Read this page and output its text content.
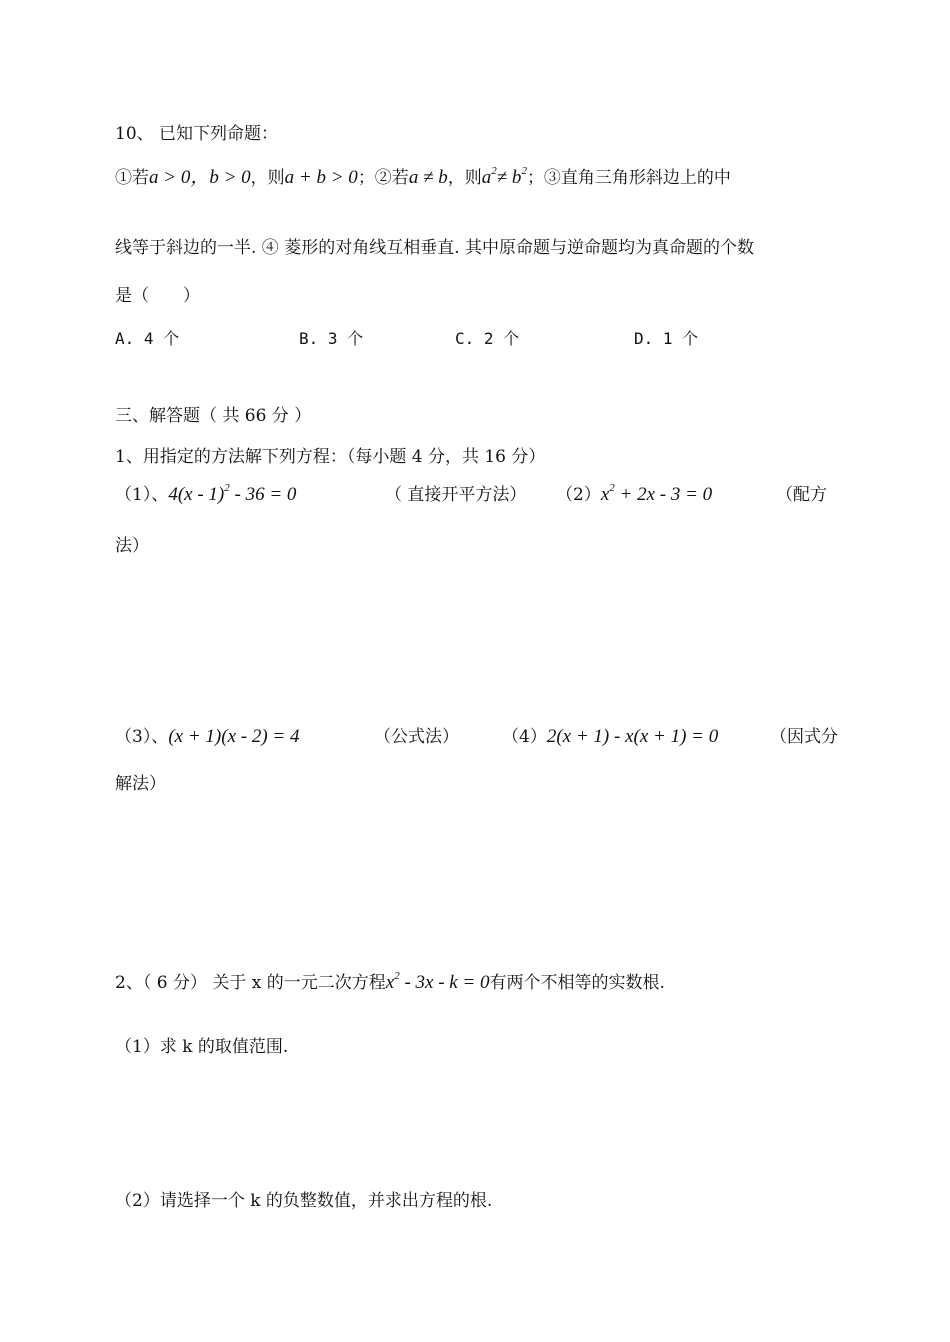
10、 已知下列命题：
①若a > 0，b > 0，则a + b > 0；②若a ≠ b，则$a^2\ne b^2$；③直角三角形斜边上的中
线等于斜边的一半. ④ 菱形的对角线互相垂直. 其中原命题与逆命题均为真命题的个数
是（　　）
A. 4 个	B. 3 个	C. 2 个	D. 1 个
三、解答题（ 共 66 分 ）
1、用指定的方法解下列方程：（每小题 4 分，共 16 分）
（1）、4(x - 1)$^2$ - 36 = 0	（ 直接开平方法） $(2)x^2 + 2x - 3 = 0$	（配方
法）
（3）、(x + 1)(x - 2) = 4	（公式法）	（4）2(x + 1) - x(x + 1) = 0	（因式分
解法）
2、（ 6 分） 关于 x 的一元二次方程$x^2 - 3x - k = 0$有两个不相等的实数根.
（1）求 k 的取值范围.
（2）请选择一个 k 的负整数值，并求出方程的根.
